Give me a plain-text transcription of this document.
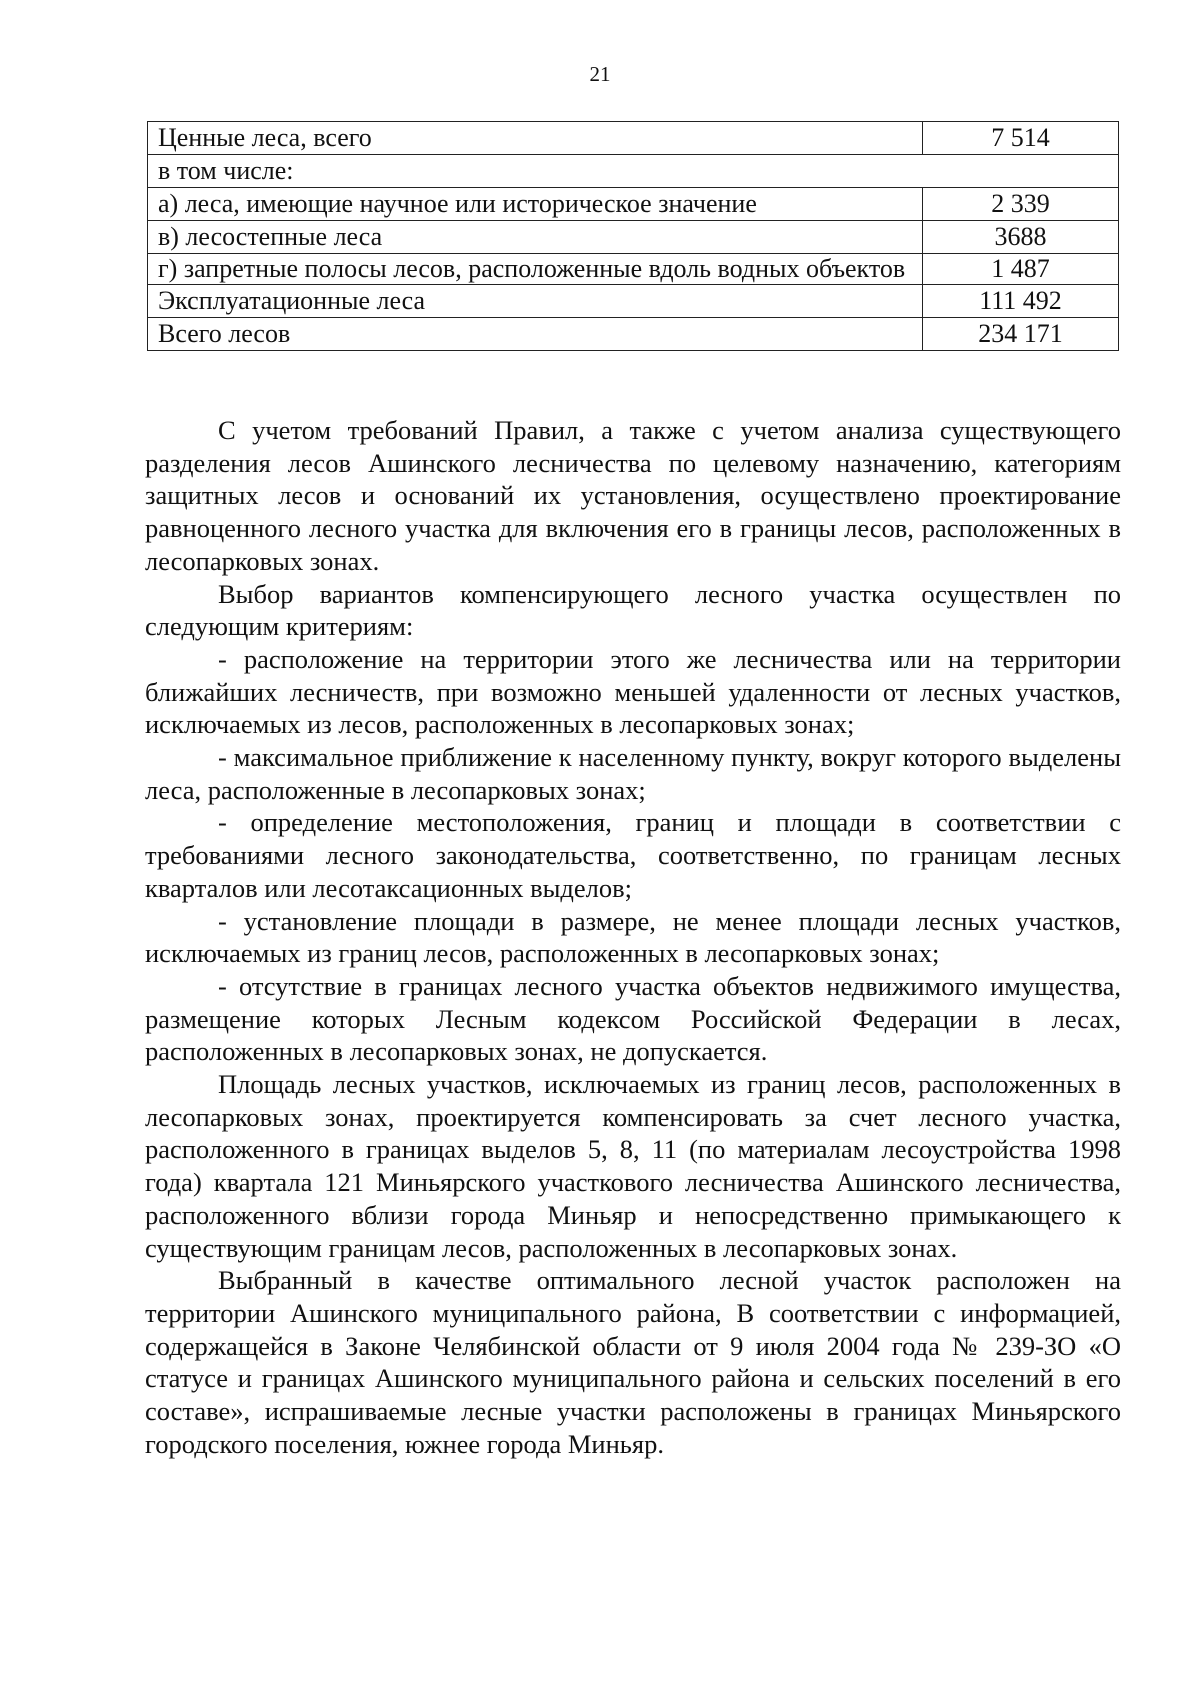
21
Ценные леса, всего	7 514
в том числе:	
а) леса, имеющие научное или историческое значение	2 339
в) лесостепные леса	3688
г) запретные полосы лесов, расположенные вдоль водных объектов	1 487
Эксплуатационные леса	111 492
Всего лесов	234 171

С учетом требований Правил, а также с учетом анализа существующего разделения лесов Ашинского лесничества по целевому назначению, категориям защитных лесов и оснований их установления, осуществлено проектирование равноценного лесного участка для включения его в границы лесов, расположенных в лесопарковых зонах.

Выбор вариантов компенсирующего лесного участка осуществлен по следующим критериям:

- расположение на территории этого же лесничества или на территории ближайших лесничеств, при возможно меньшей удаленности от лесных участков, исключаемых из лесов, расположенных в лесопарковых зонах;

- максимальное приближение к населенному пункту, вокруг которого выделены леса, расположенные в лесопарковых зонах;

- определение местоположения, границ и площади в соответствии с требованиями лесного законодательства, соответственно, по границам лесных кварталов или лесотаксационных выделов;

- установление площади в размере, не менее площади лесных участков, исключаемых из границ лесов, расположенных в лесопарковых зонах;

- отсутствие в границах лесного участка объектов недвижимого имущества, размещение которых Лесным кодексом Российской Федерации в лесах, расположенных в лесопарковых зонах, не допускается.

Площадь лесных участков, исключаемых из границ лесов, расположенных в лесопарковых зонах, проектируется компенсировать за счет лесного участка, расположенного в границах выделов 5, 8, 11 (по материалам лесоустройства 1998 года) квартала 121 Миньярского участкового лесничества Ашинского лесничества, расположенного вблизи города Миньяр и непосредственно примыкающего к существующим границам лесов, расположенных в лесопарковых зонах.

Выбранный в качестве оптимального лесной участок расположен на территории Ашинского муниципального района, В соответствии с информацией, содержащейся в Законе Челябинской области от 9 июля 2004 года № 239-ЗО «О статусе и границах Ашинского муниципального района и сельских поселений в его составе», испрашиваемые лесные участки расположены в границах Миньярского городского поселения, южнее города Миньяр.
